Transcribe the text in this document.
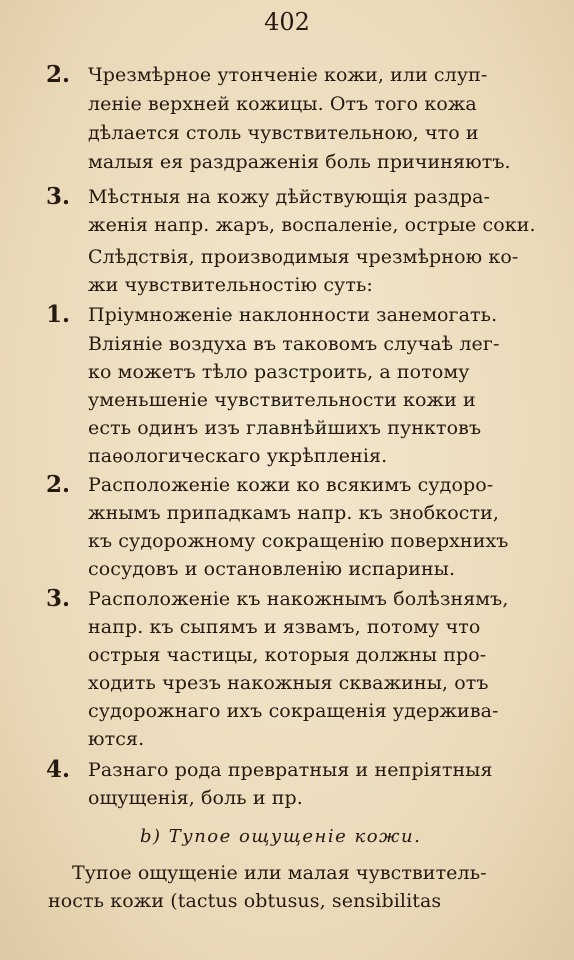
402
2. Чрезмѣрное утонченіе кожи, или слуп-
леніе верхней кожицы. Отъ того кожа
дѣлается столь чувствительною, что и
малыя ея раздраженія боль причиняютъ.
3. Мѣстныя на кожу дѣйствующія раздра-
женія напр. жаръ, воспаленіе, острые соки.
Слѣдствія, производимыя чрезмѣрною ко-
жи чувствительностію суть:
1. Пріумноженіе наклонности занемогать.
Вліяніе воздуха въ таковомъ случаѣ лег-
ко можетъ тѣло разстроить, а потому
уменьшеніе чувствительности кожи и
есть одинъ изъ главнѣйшихъ пунктовъ
паѳологическаго укрѣпленія.
2. Расположеніе кожи ко всякимъ судоро-
жнымъ припадкамъ напр. къ знобкости,
къ судорожному сокращенію поверхнихъ
сосудовъ и остановленію испарины.
3. Расположеніе къ накожнымъ болѣзнямъ,
напр. къ сыпямъ и язвамъ, потому что
острыя частицы, которыя должны про-
ходить чрезъ накожныя скважины, отъ
судорожнаго ихъ сокращенія удержива-
ются.
4. Разнаго рода превратныя и непріятныя
ощущенія, боль и пр.
b) Тупое ощущеніе кожи.
Тупое ощущеніе или малая чувствитель-
ность кожи (tactus obtusus, sensibilitas
